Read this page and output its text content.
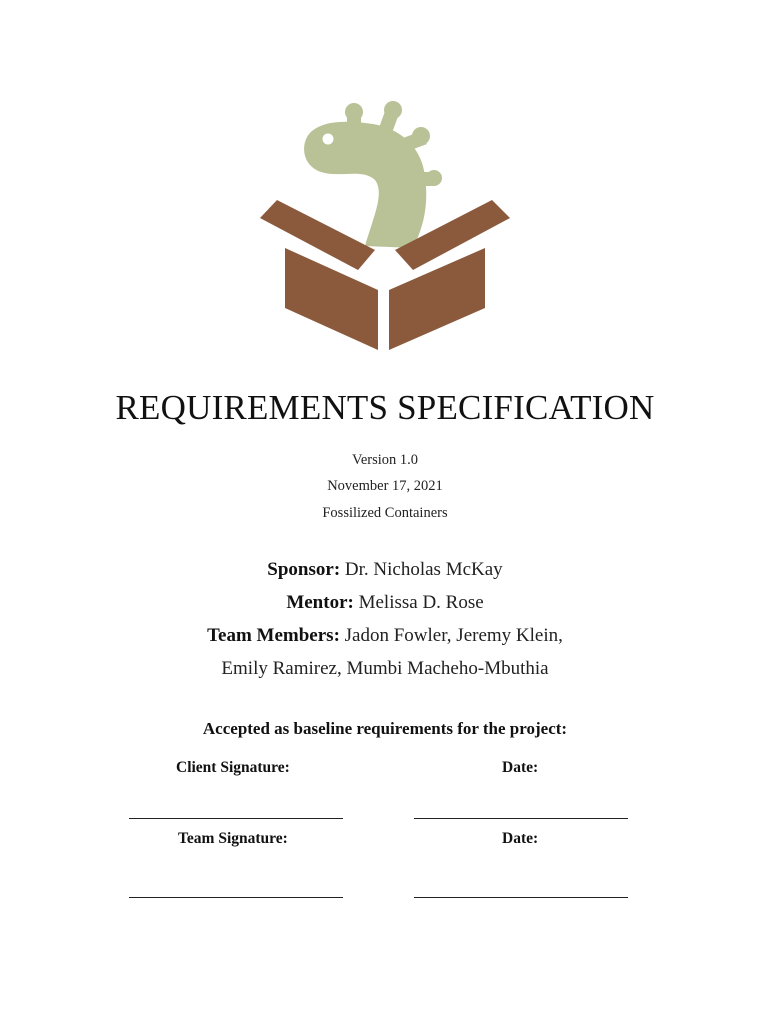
REQUIREMENTS SPECIFICATION
Version 1.0
November 17, 2021
Fossilized Containers
Sponsor: Dr. Nicholas McKay
Mentor: Melissa D. Rose
Team Members: Jadon Fowler, Jeremy Klein,
Emily Ramirez, Mumbi Macheho-Mbuthia
Accepted as baseline requirements for the project:
Client Signature:	Date:
Team Signature:	Date:
